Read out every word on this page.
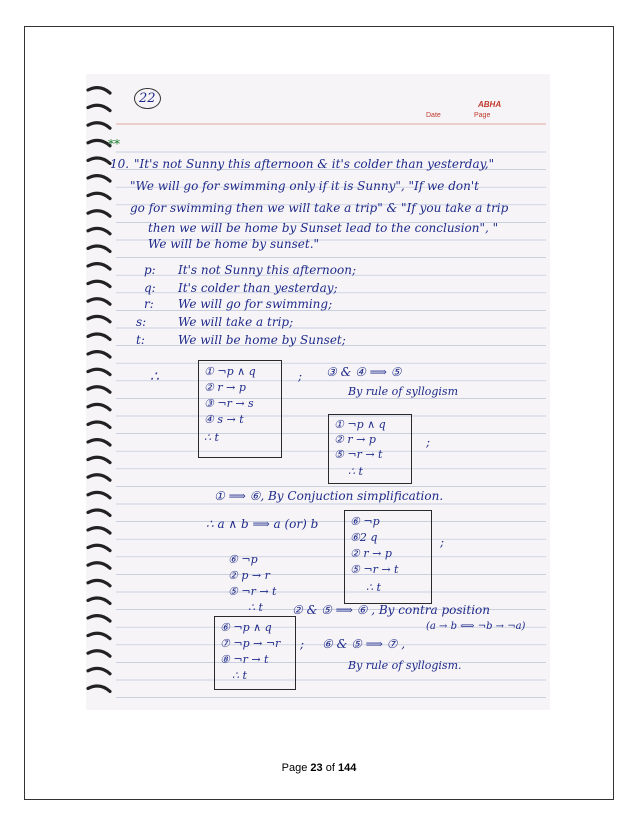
22	ABHA
Date	Page
**
10. "It's not Sunny this afternoon & it's colder than yesterday,"
"We will go for swimming only if it is Sunny", "If we don't
go for swimming then we will take a trip" & "If you take a trip
then we will be home by Sunset lead to the conclusion", "
We will be home by sunset."
p: It's not Sunny this afternoon;
q: It's colder than yesterday;
r: We will go for swimming;
s:	We will take a trip;
t:	We will be home by Sunset;
∴	① ¬p ∧ q
② r → p
③ ¬r → s
④ s → t
∴ t
; ③ & ④ ⟹ ⑤
By rule of syllogism
① ¬p ∧ q
② r → p
⑤ ¬r → t
∴ t
;
① ⟹ ⑥, By Conjuction simplification.
∴ a ∧ b ⟹ a (or) b	⑥ ¬p
⑥2 q
② r → p
⑤ ¬r → t
∴ t
;
⑥ ¬p
② p → r
⑤ ¬r → t
∴ t ② & ⑤ ⟹ ⑥ , By contra position
(a → b ⟺ ¬b → ¬a)
⑥ ¬p ∧ q
⑦ ¬p → ¬r
⑧ ¬r → t
∴ t
; ⑥ & ⑤ ⟹ ⑦ ,
By rule of syllogism.
Page 23 of 144
